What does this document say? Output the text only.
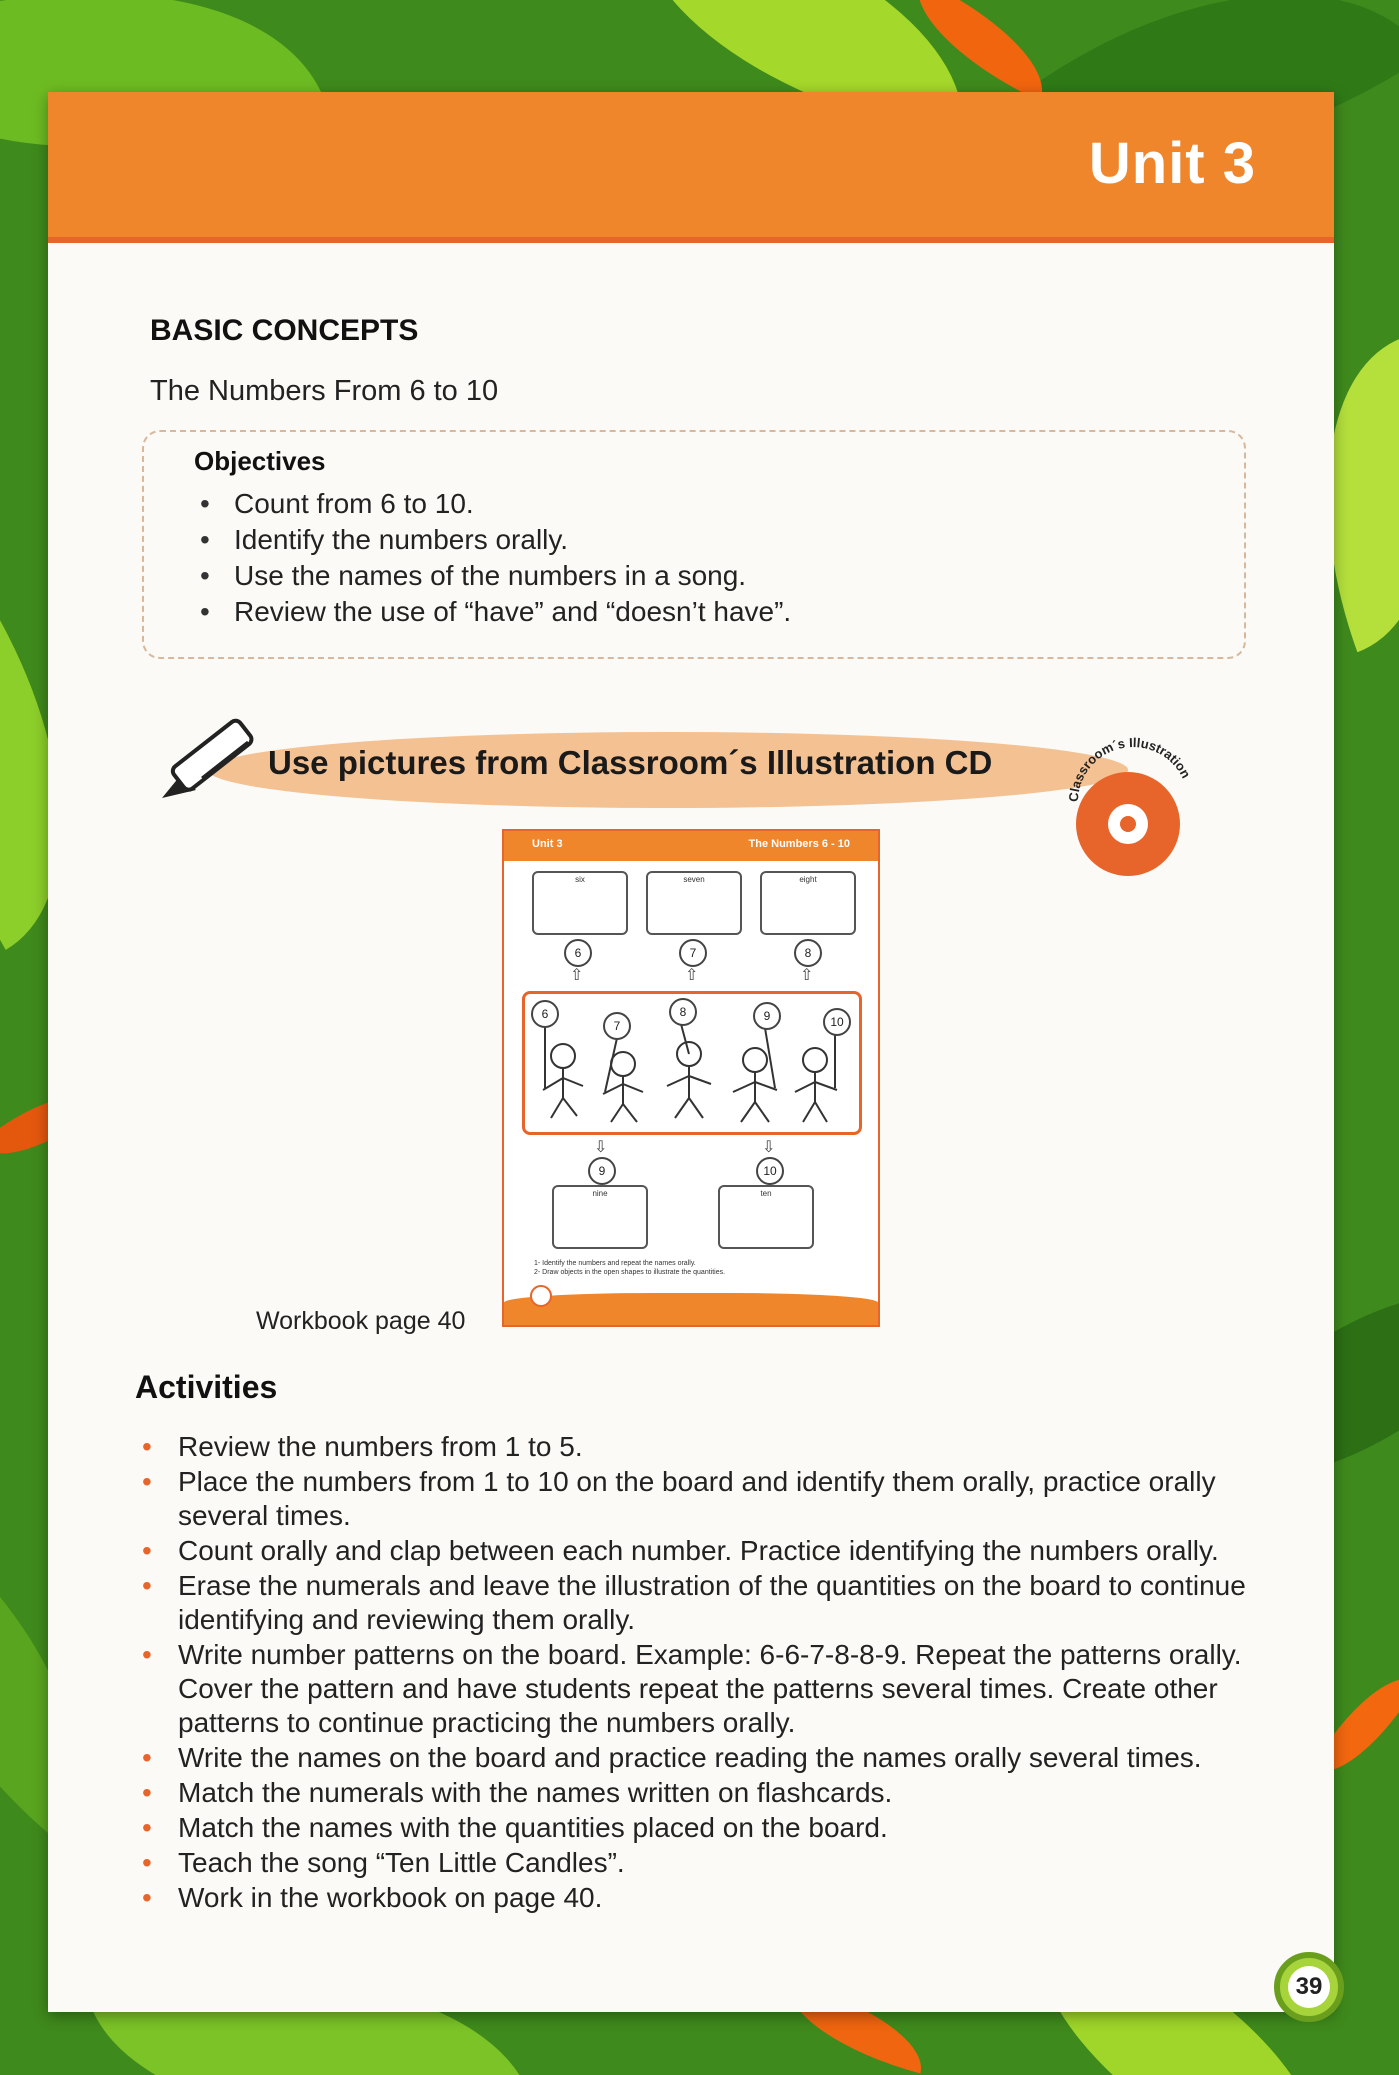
Unit 3
BASIC CONCEPTS
The Numbers From 6 to 10
Objectives
• Count from 6 to 10.
• Identify the numbers orally.
• Use the names of the numbers in a song.
• Review the use of “have” and “doesn’t have”.
Use pictures from Classroom´s Illustration CD
Classroom´s Illustration
Unit 3	The Numbers 6 - 10
six	seven	eight
6	7	8
⇧	⇧	⇧
6
7
8	9	10
⇩	⇩
9	10
nine	ten
1- Identify the numbers and repeat the names orally.
2- Draw objects in the open shapes to illustrate the quantities.
Workbook page 40
Activities
• Review the numbers from 1 to 5.
• Place the numbers from 1 to 10 on the board and identify them orally, practice orally several times.
• Count orally and clap between each number. Practice identifying the numbers orally.
• Erase the numerals and leave the illustration of the quantities on the board to continue identifying and reviewing them orally.
• Write number patterns on the board. Example: 6-6-7-8-8-9. Repeat the patterns orally. Cover the pattern and have students repeat the patterns several times. Create other patterns to continue practicing the numbers orally.
• Write the names on the board and practice reading the names orally several times.
• Match the numerals with the names written on flashcards.
• Match the names with the quantities placed on the board.
• Teach the song “Ten Little Candles”.
• Work in the workbook on page 40.
39
